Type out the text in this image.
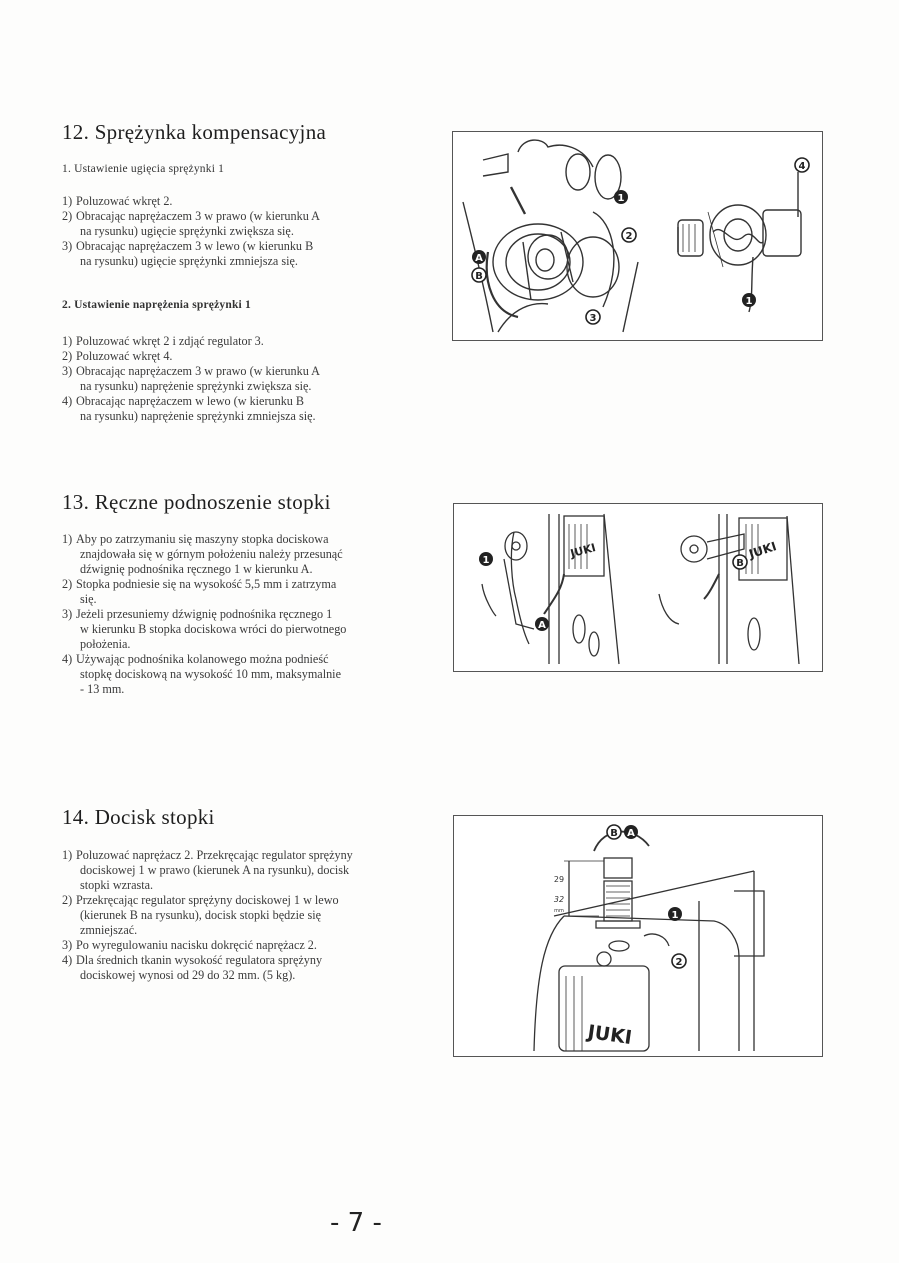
12. Sprężynka kompensacyjna
1. Ustawienie ugięcia sprężynki 1
1) Poluzować wkręt 2.
2) Obracając naprężaczem 3 w prawo (w kierunku A
na rysunku) ugięcie sprężynki zwiększa się.
3) Obracając naprężaczem 3 w lewo (w kierunku B
na rysunku) ugięcie sprężynki zmniejsza się.
2. Ustawienie naprężenia sprężynki 1
1) Poluzować wkręt 2 i zdjąć regulator 3.
2) Poluzować wkręt 4.
3) Obracając naprężaczem 3 w prawo (w kierunku A
na rysunku) naprężenie sprężynki zwiększa się.
4) Obracając naprężaczem w lewo (w kierunku B
na rysunku) naprężenie sprężynki zmniejsza się.
1
2
3
4
1
A
B
13. Ręczne podnoszenie stopki
1) Aby po zatrzymaniu się maszyny stopka dociskowa
znajdowała się w górnym położeniu należy przesunąć
dźwignię podnośnika ręcznego 1 w kierunku A.
2) Stopka podniesie się na wysokość 5,5 mm i zatrzyma
się.
3) Jeżeli przesuniemy dźwignię podnośnika ręcznego 1
w kierunku B stopka dociskowa wróci do pierwotnego
położenia.
4) Używając podnośnika kolanowego można podnieść
stopkę dociskową na wysokość 10 mm, maksymalnie
- 13 mm.
JUKI	JUKI
1
A
B
14. Docisk stopki
1) Poluzować naprężacz 2. Przekręcając regulator sprężyny
dociskowej 1 w prawo (kierunek A na rysunku), docisk
stopki wzrasta.
2) Przekręcając regulator sprężyny dociskowej 1 w lewo
(kierunek B na rysunku), docisk stopki będzie się
zmniejszać.
3) Po wyregulowaniu nacisku dokręcić naprężacz 2.
4) Dla średnich tkanin wysokość regulatora sprężyny
dociskowej wynosi od 29 do 32 mm. (5 kg).
29
32
mm
JUKI
B A
1
2
- 7 -
